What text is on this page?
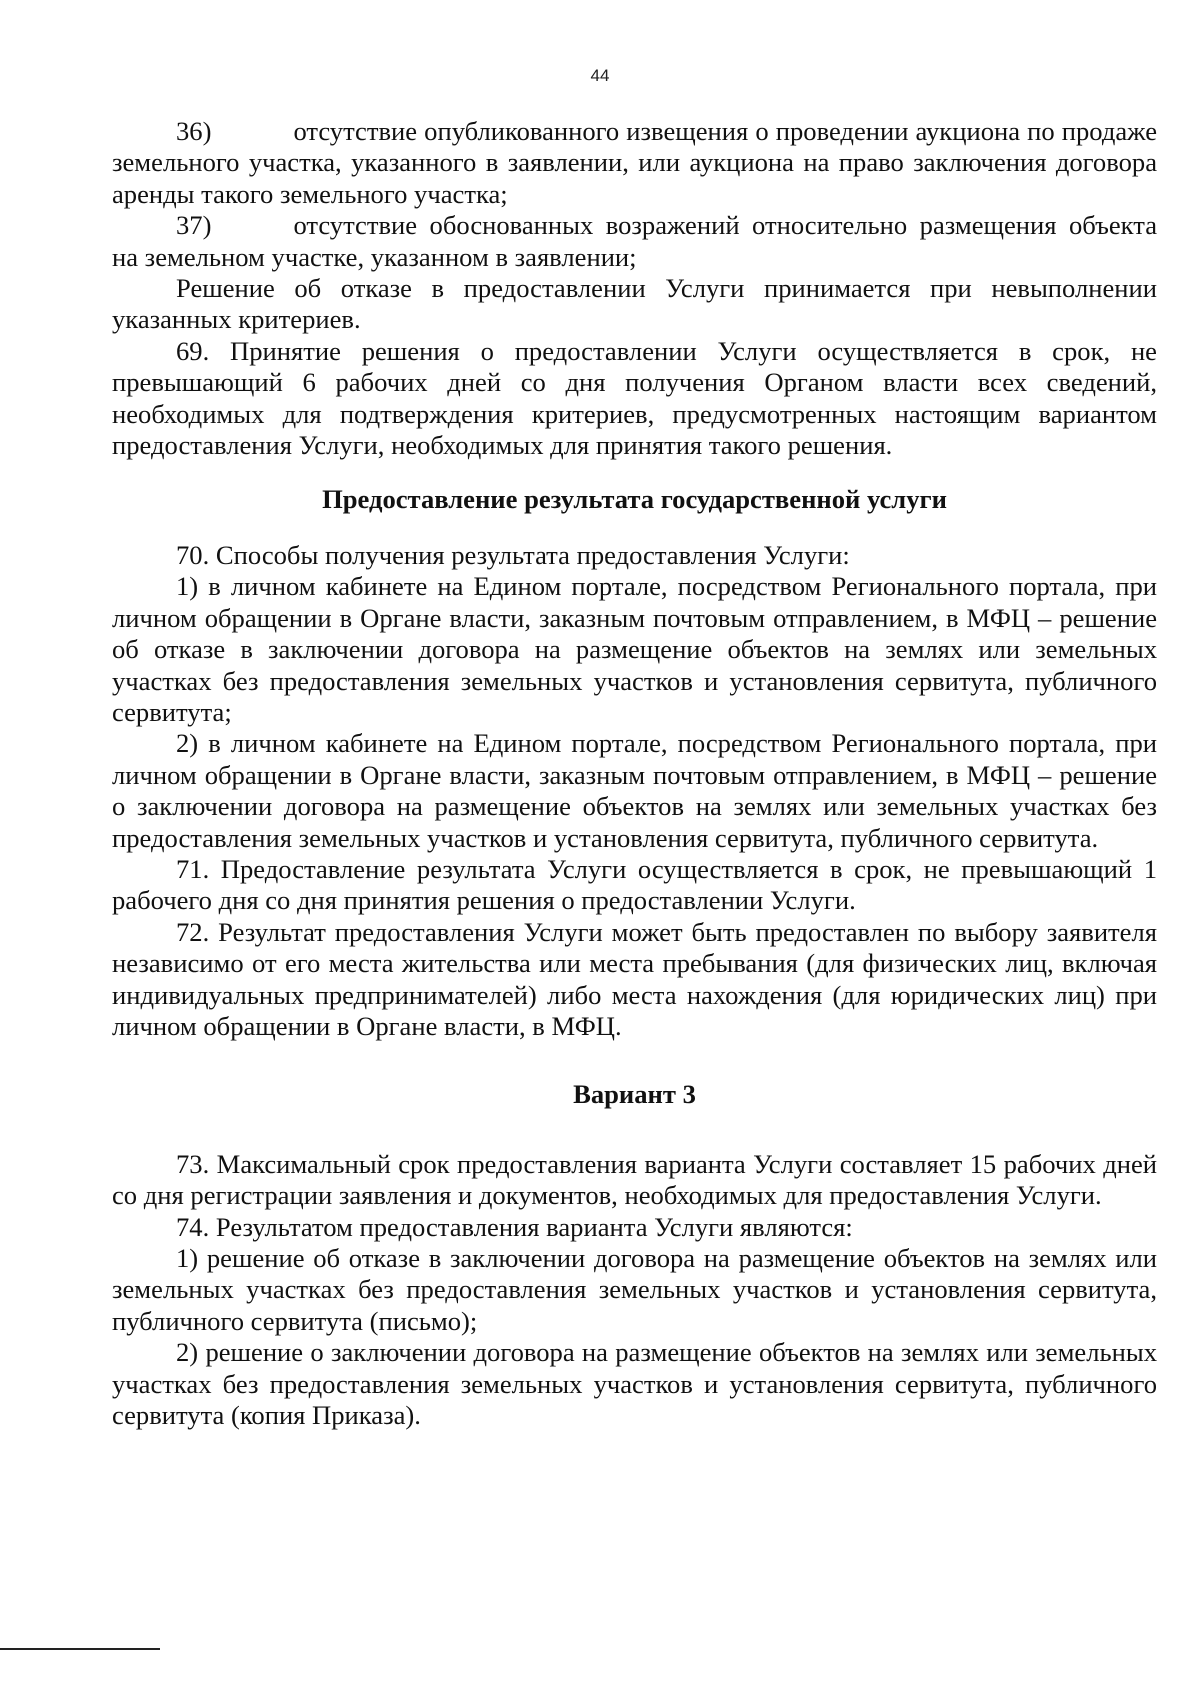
44

36)	отсутствие опубликованного извещения о проведении аукциона по продаже земельного участка, указанного в заявлении, или аукциона на право заключения договора аренды такого земельного участка;

37)	отсутствие обоснованных возражений относительно размещения объекта на земельном участке, указанном в заявлении;

Решение об отказе в предоставлении Услуги принимается при невыполнении указанных критериев.

69. Принятие решения о предоставлении Услуги осуществляется в срок, не превышающий 6 рабочих дней со дня получения Органом власти всех сведений, необходимых для подтверждения критериев, предусмотренных настоящим вариантом предоставления Услуги, необходимых для принятия такого решения.

Предоставление результата государственной услуги

70. Способы получения результата предоставления Услуги:

1) в личном кабинете на Едином портале, посредством Регионального портала, при личном обращении в Органе власти, заказным почтовым отправлением, в МФЦ – решение об отказе в заключении договора на размещение объектов на землях или земельных участках без предоставления земельных участков и установления сервитута, публичного сервитута;

2) в личном кабинете на Едином портале, посредством Регионального портала, при личном обращении в Органе власти, заказным почтовым отправлением, в МФЦ – решение о заключении договора на размещение объектов на землях или земельных участках без предоставления земельных участков и установления сервитута, публичного сервитута.

71. Предоставление результата Услуги осуществляется в срок, не превышающий 1 рабочего дня со дня принятия решения о предоставлении Услуги.

72. Результат предоставления Услуги может быть предоставлен по выбору заявителя независимо от его места жительства или места пребывания (для физических лиц, включая индивидуальных предпринимателей) либо места нахождения (для юридических лиц) при личном обращении в Органе власти, в МФЦ.

Вариант 3

73. Максимальный срок предоставления варианта Услуги составляет 15 рабочих дней со дня регистрации заявления и документов, необходимых для предоставления Услуги.

74. Результатом предоставления варианта Услуги являются:

1) решение об отказе в заключении договора на размещение объектов на землях или земельных участках без предоставления земельных участков и установления сервитута, публичного сервитута (письмо);

2) решение о заключении договора на размещение объектов на землях или земельных участках без предоставления земельных участков и установления сервитута, публичного сервитута (копия Приказа).
